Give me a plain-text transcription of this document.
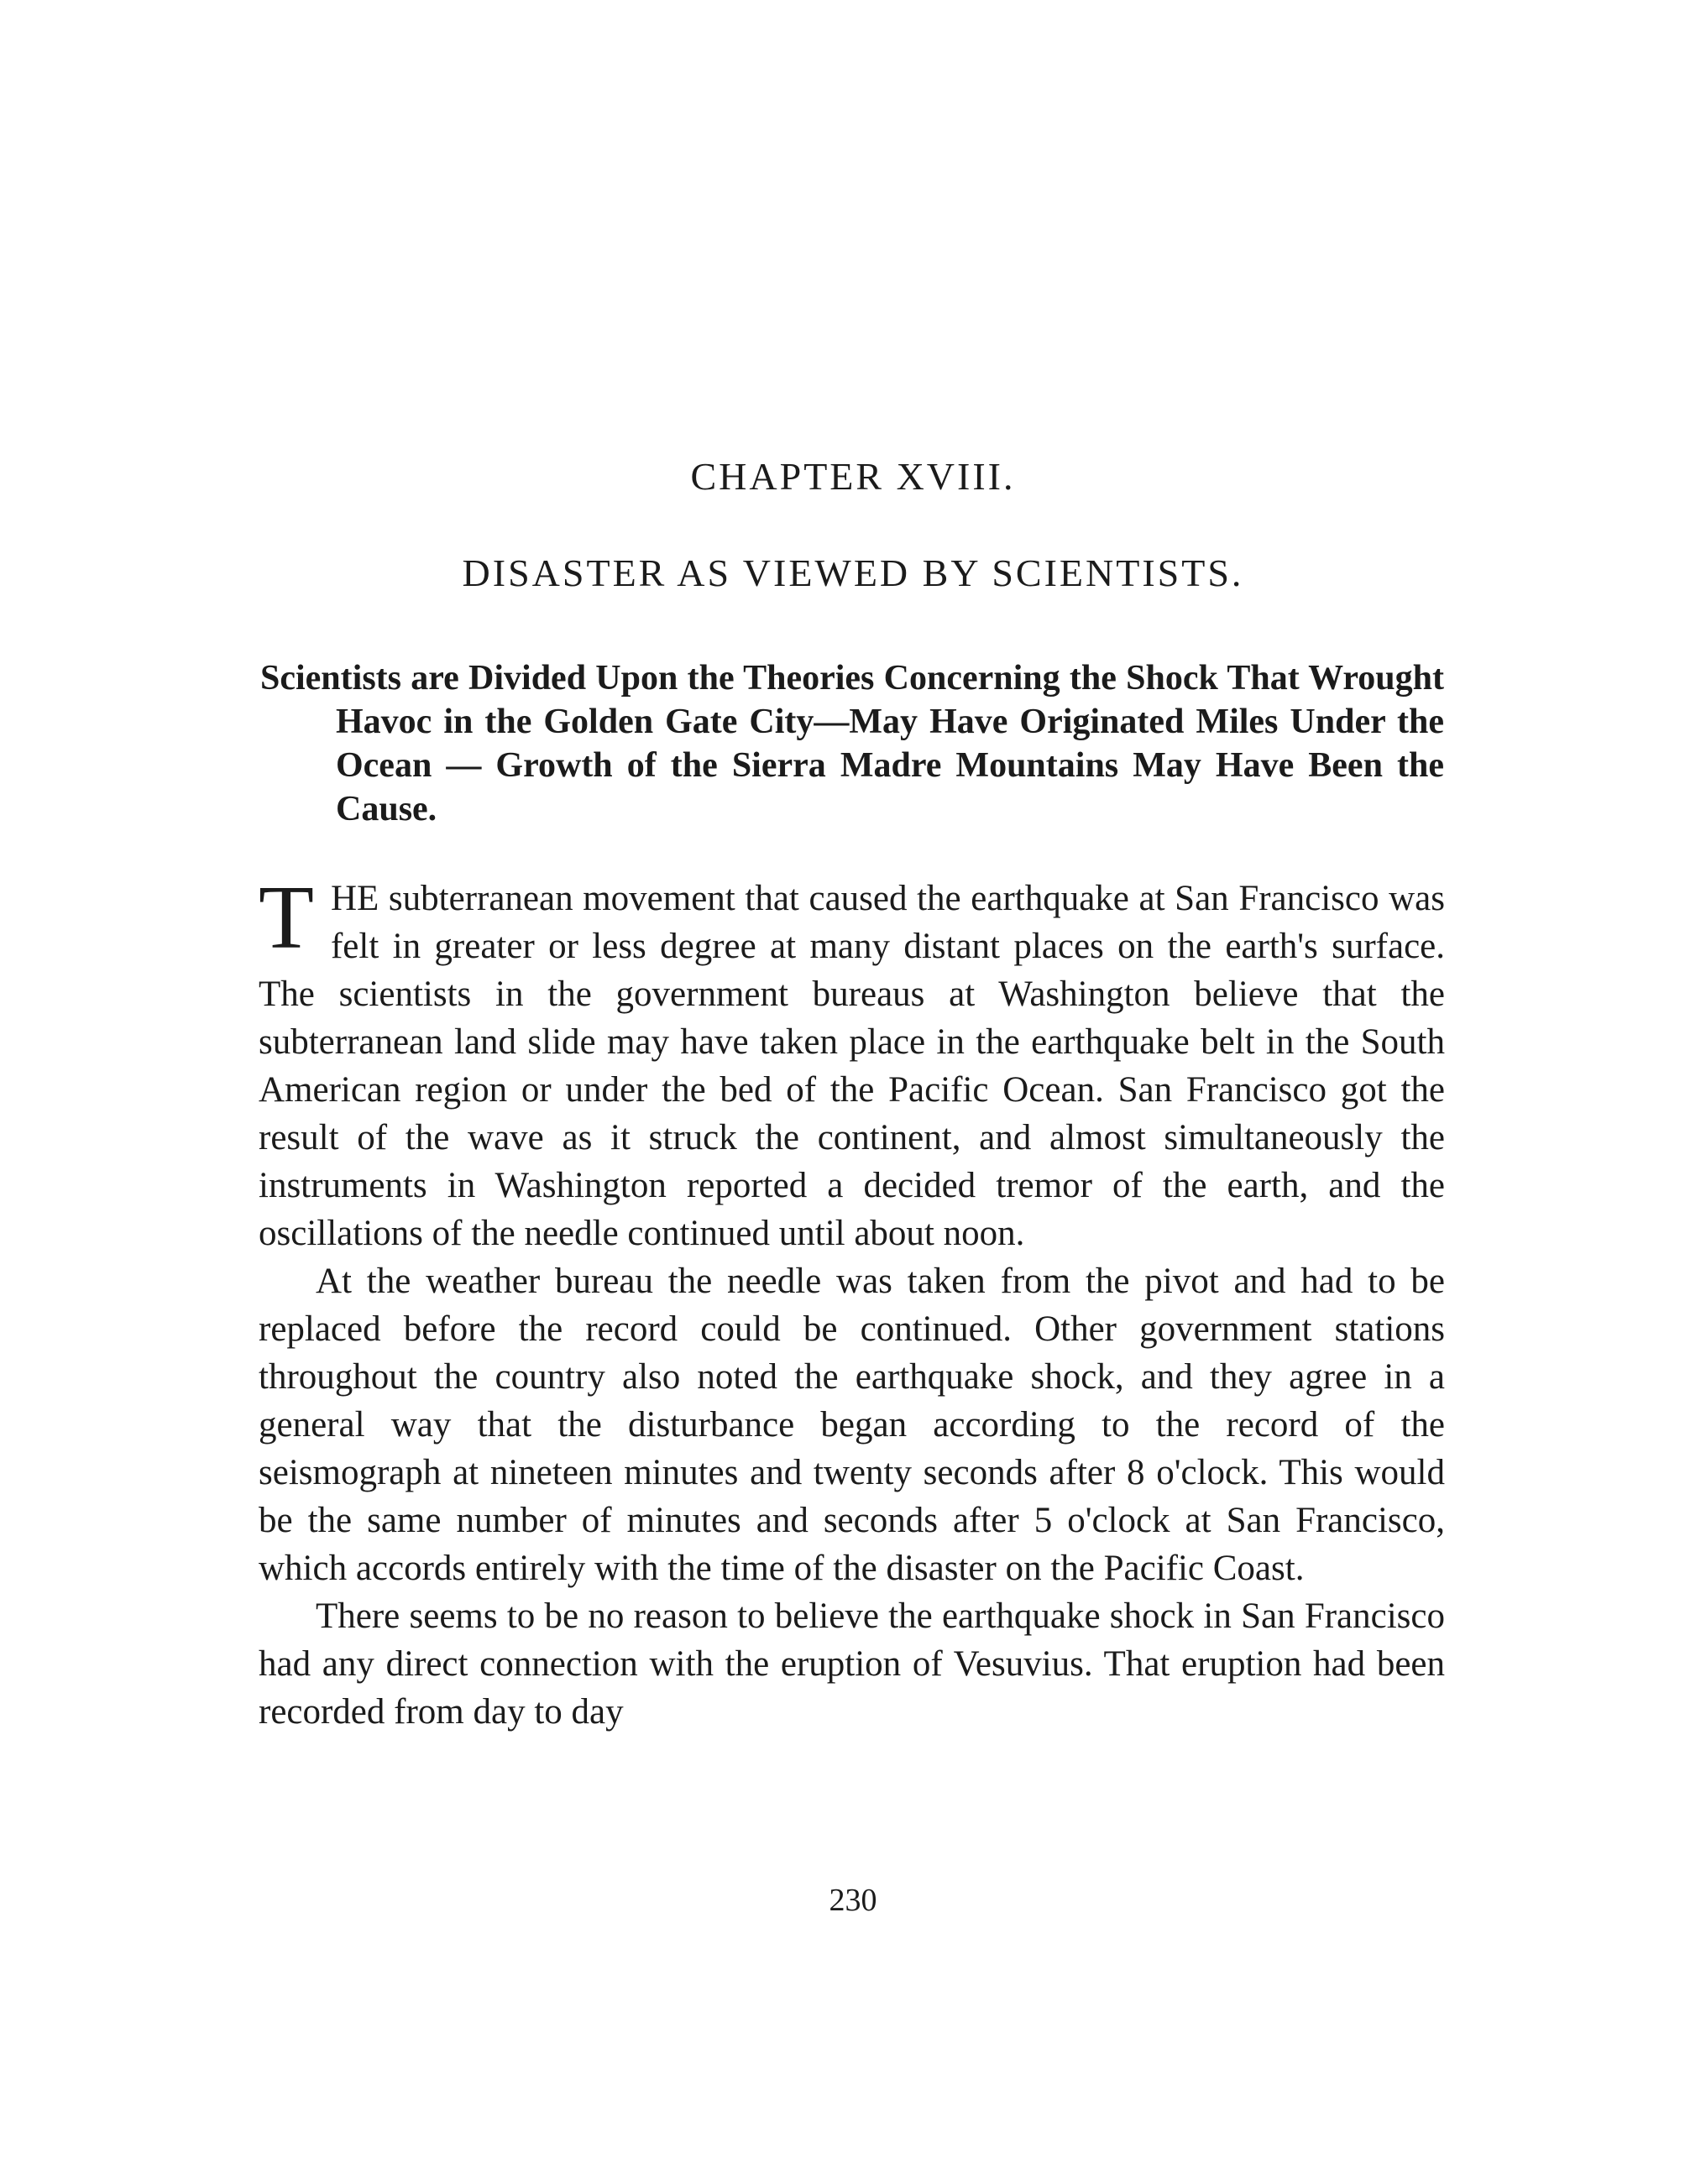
CHAPTER XVIII.
DISASTER AS VIEWED BY SCIENTISTS.
Scientists are Divided Upon the Theories Concerning the Shock That Wrought Havoc in the Golden Gate City—May Have Originated Miles Under the Ocean — Growth of the Sierra Madre Mountains May Have Been the Cause.

THE subterranean movement that caused the earthquake at San Francisco was felt in greater or less degree at many distant places on the earth's surface. The scientists in the government bureaus at Washington believe that the subterranean land slide may have taken place in the earthquake belt in the South American region or under the bed of the Pacific Ocean. San Francisco got the result of the wave as it struck the continent, and almost simultaneously the instruments in Washington reported a decided tremor of the earth, and the oscillations of the needle continued until about noon.

At the weather bureau the needle was taken from the pivot and had to be replaced before the record could be continued. Other government stations throughout the country also noted the earthquake shock, and they agree in a general way that the disturbance began according to the record of the seismograph at nineteen minutes and twenty seconds after 8 o'clock. This would be the same number of minutes and seconds after 5 o'clock at San Francisco, which accords entirely with the time of the disaster on the Pacific Coast.

There seems to be no reason to believe the earthquake shock in San Francisco had any direct connection with the eruption of Vesuvius. That eruption had been recorded from day to day

230
